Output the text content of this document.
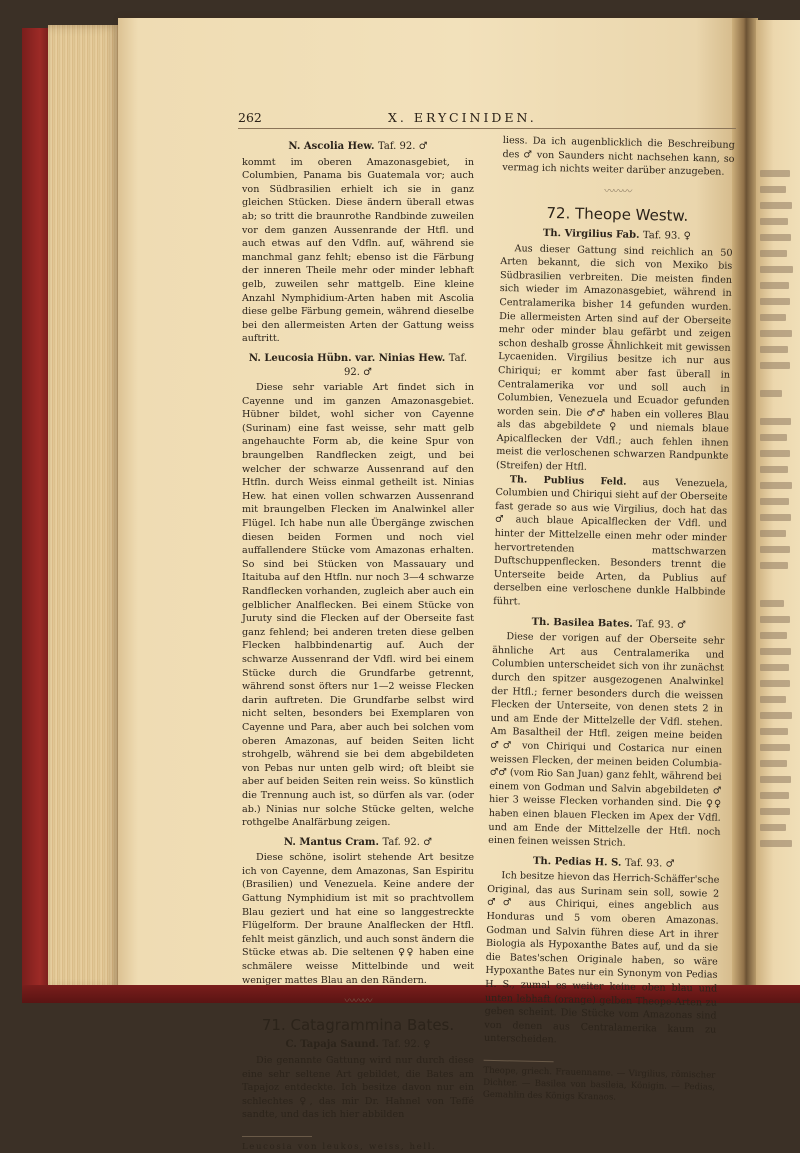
262	X. ERYCINIDEN.
N. Ascolia Hew. Taf. 92. ♂

kommt im oberen Amazonasgebiet, in Columbien, Panama bis Guatemala vor; auch von Südbrasilien erhielt ich sie in ganz gleichen Stücken. Diese ändern überall etwas ab; so tritt die braunrothe Randbinde zuweilen vor dem ganzen Aussenrande der Htfl. und auch etwas auf den Vdfln. auf, während sie manchmal ganz fehlt; ebenso ist die Färbung der inneren Theile mehr oder minder lebhaft gelb, zuweilen sehr mattgelb. Eine kleine Anzahl Nymphidium-Arten haben mit Ascolia diese gelbe Färbung gemein, während dieselbe bei den allermeisten Arten der Gattung weiss auftritt.

N. Leucosia Hübn. var. Ninias Hew. Taf. 92. ♂

Diese sehr variable Art findet sich in Cayenne und im ganzen Amazonasgebiet. Hübner bildet, wohl sicher von Cayenne (Surinam) eine fast weisse, sehr matt gelb angehauchte Form ab, die keine Spur von braungelben Randflecken zeigt, und bei welcher der schwarze Aussenrand auf den Htfln. durch Weiss einmal getheilt ist. Ninias Hew. hat einen vollen schwarzen Aussenrand mit braungelben Flecken im Analwinkel aller Flügel. Ich habe nun alle Übergänge zwischen diesen beiden Formen und noch viel auffallendere Stücke vom Amazonas erhalten. So sind bei Stücken von Massauary und Itaituba auf den Htfln. nur noch 3—4 schwarze Randflecken vorhanden, zugleich aber auch ein gelblicher Analflecken. Bei einem Stücke von Juruty sind die Flecken auf der Oberseite fast ganz fehlend; bei anderen treten diese gelben Flecken halbbindenartig auf. Auch der schwarze Aussenrand der Vdfl. wird bei einem Stücke durch die Grundfarbe getrennt, während sonst öfters nur 1—2 weisse Flecken darin auftreten. Die Grundfarbe selbst wird nicht selten, besonders bei Exemplaren von Cayenne und Para, aber auch bei solchen vom oberen Amazonas, auf beiden Seiten licht strohgelb, während sie bei dem abgebildeten von Pebas nur unten gelb wird; oft bleibt sie aber auf beiden Seiten rein weiss. So künstlich die Trennung auch ist, so dürfen als var. (oder ab.) Ninias nur solche Stücke gelten, welche rothgelbe Analfärbung zeigen.

N. Mantus Cram. Taf. 92. ♂

Diese schöne, isolirt stehende Art besitze ich von Cayenne, dem Amazonas, San Espiritu (Brasilien) und Venezuela. Keine andere der Gattung Nymphidium ist mit so prachtvollem Blau geziert und hat eine so langgestreckte Flügelform. Der braune Analflecken der Htfl. fehlt meist gänzlich, und auch sonst ändern die Stücke etwas ab. Die seltenen ♀♀ haben eine schmälere weisse Mittelbinde und weit weniger mattes Blau an den Rändern.

〰〰〰
71. Catagrammina Bates.
C. Tapaja Saund. Taf. 92. ♀

Die genannte Gattung wird nur durch diese eine sehr seltene Art gebildet, die Bates am Tapajoz entdeckte. Ich besitze davon nur ein schlechtes ♀, das mir Dr. Hahnel von Teffé sandte, und das ich hier abbilden

Leucosia von leukos, weiss, hell.

liess. Da ich augenblicklich die Beschreibung des ♂ von Saunders nicht nachsehen kann, so vermag ich nichts weiter darüber anzugeben.

〰〰〰
72. Theope Westw.
Th. Virgilius Fab. Taf. 93. ♀

Aus dieser Gattung sind reichlich an 50 Arten bekannt, die sich von Mexiko bis Südbrasilien verbreiten. Die meisten finden sich wieder im Amazonasgebiet, während in Centralamerika bisher 14 gefunden wurden. Die allermeisten Arten sind auf der Oberseite mehr oder minder blau gefärbt und zeigen schon deshalb grosse Ähnlichkeit mit gewissen Lycaeniden. Virgilius besitze ich nur aus Chiriqui; er kommt aber fast überall in Centralamerika vor und soll auch in Columbien, Venezuela und Ecuador gefunden worden sein. Die ♂♂ haben ein volleres Blau als das abgebildete ♀ und niemals blaue Apicalflecken der Vdfl.; auch fehlen ihnen meist die verloschenen schwarzen Randpunkte (Streifen) der Htfl.

Th. Publius Feld. aus Venezuela, Columbien und Chiriqui sieht auf der Oberseite fast gerade so aus wie Virgilius, doch hat das ♂ auch blaue Apicalflecken der Vdfl. und hinter der Mittelzelle einen mehr oder minder hervortretenden mattschwarzen Duftschuppenflecken. Besonders trennt die Unterseite beide Arten, da Publius auf derselben eine verloschene dunkle Halbbinde führt.

Th. Basilea Bates. Taf. 93. ♂

Diese der vorigen auf der Oberseite sehr ähnliche Art aus Centralamerika und Columbien unterscheidet sich von ihr zunächst durch den spitzer ausgezogenen Analwinkel der Htfl.; ferner besonders durch die weissen Flecken der Unterseite, von denen stets 2 in und am Ende der Mittelzelle der Vdfl. stehen. Am Basaltheil der Htfl. zeigen meine beiden ♂♂ von Chiriqui und Costarica nur einen weissen Flecken, der meinen beiden Columbia-♂♂ (vom Rio San Juan) ganz fehlt, während bei einem von Godman und Salvin abgebildeten ♂ hier 3 weisse Flecken vorhanden sind. Die ♀♀ haben einen blauen Flecken im Apex der Vdfl. und am Ende der Mittelzelle der Htfl. noch einen feinen weissen Strich.

Th. Pedias H. S. Taf. 93. ♂

Ich besitze hievon das Herrich-Schäffer'sche Original, das aus Surinam sein soll, sowie 2 ♂♂ aus Chiriqui, eines angeblich aus Honduras und 5 vom oberen Amazonas. Godman und Salvin führen diese Art in ihrer Biologia als Hypoxanthe Bates auf, und da sie die Bates'schen Originale haben, so wäre Hypoxanthe Bates nur ein Synonym von Pedias H. S., zumal es weiter keine oben blau und unten lebhaft (orange) gelben Theope-Arten zu geben scheint. Die Stücke vom Amazonas sind von denen aus Centralamerika kaum zu unterscheiden.

Theope, griech. Frauenname. — Virgilius, römischer Dichter. — Basilea von basileia, Königin. — Pedias, Gemahlin des Königs Kranaos.
